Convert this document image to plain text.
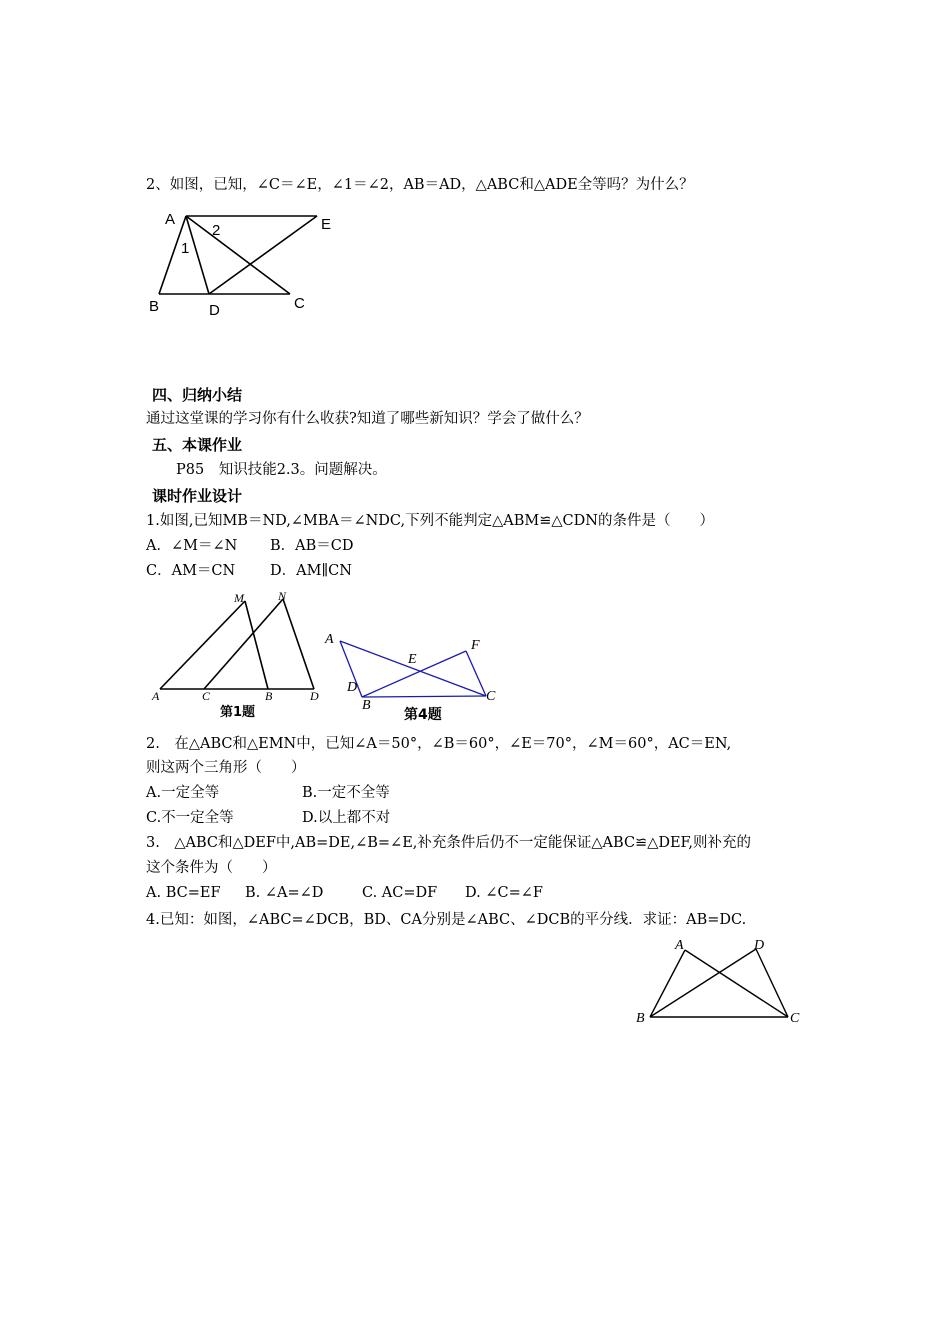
2、如图，已知，∠C＝∠E，∠1＝∠2，AB＝AD，△ABC和△ADE全等吗？为什么？
A	E
1
2
B	D	C
四、归纳小结
通过这堂课的学习你有什么收获?知道了哪些新知识？学会了做什么？
五、本课作业
P85　知识技能2.3。问题解决。
课时作业设计
1.如图,已知MB＝ND,∠MBA＝∠NDC,下列不能判定△ABM≌△CDN的条件是（　　）
A．∠M＝∠N B．AB＝CD
C．AM＝CN D．AM∥CN
M	N
A	C	B	D
第1题
A
E
F
D
B
C
第4题
2.　在△ABC和△EMN中，已知∠A＝50°，∠B＝60°，∠E＝70°，∠M＝60°，AC＝EN,
则这两个三角形（　　）
A.一定全等	B.一定不全等
C.不一定全等	D.以上都不对
3.　△ABC和△DEF中,AB=DE,∠B=∠E,补充条件后仍不一定能保证△ABC≌△DEF,则补充的
这个条件为（　　）
A. BC=EF B. ∠A=∠D	C. AC=DF D. ∠C=∠F
4.已知：如图，∠ABC=∠DCB，BD、CA分别是∠ABC、∠DCB的平分线．求证：AB=DC.
A	D
B	C
